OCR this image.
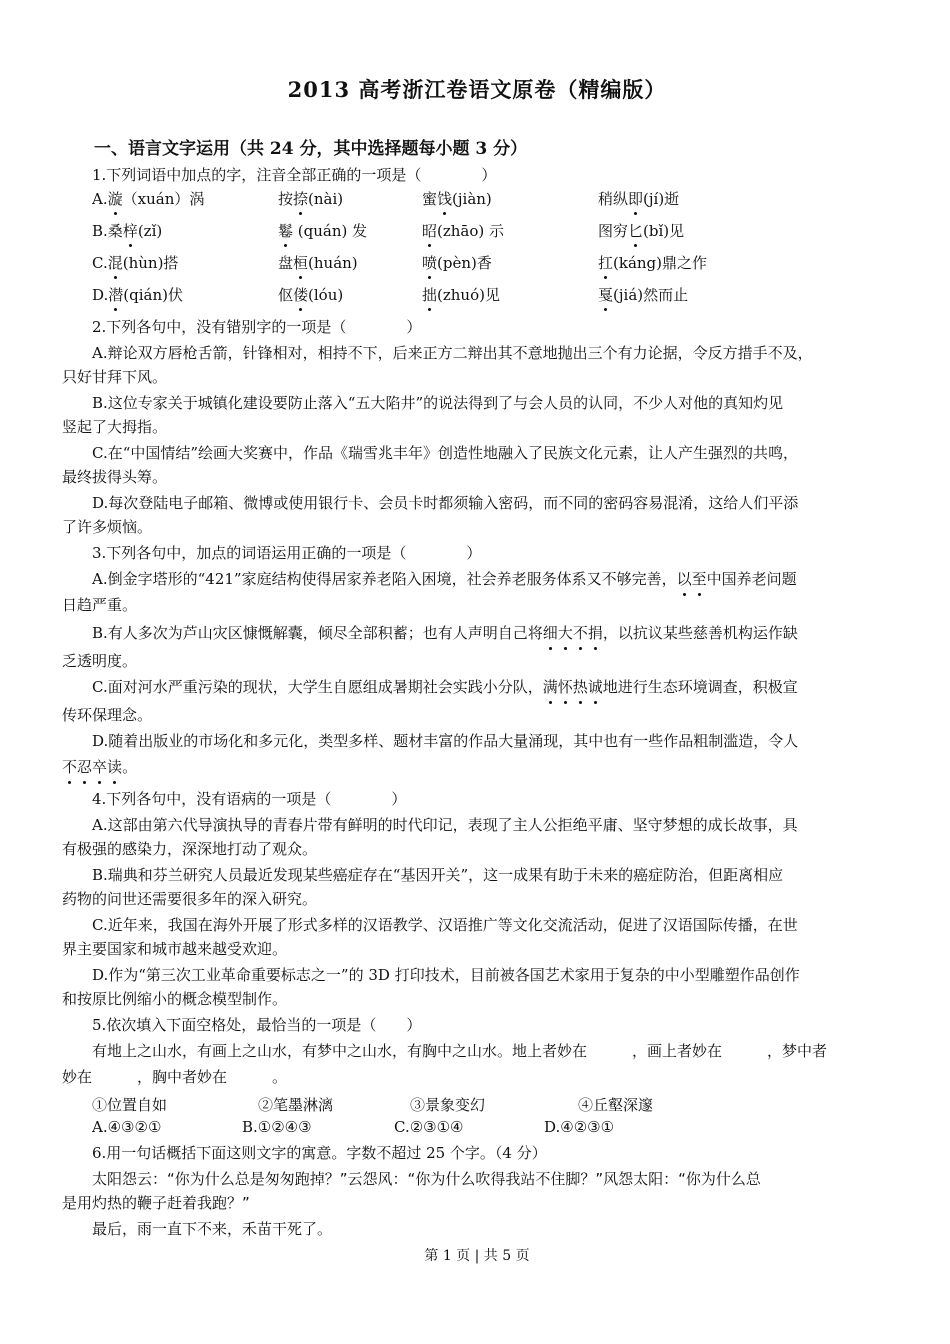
2013 高考浙江卷语文原卷（精编版）
一、语言文字运用（共 24 分，其中选择题每小题 3 分）
1.下列词语中加点的字，注音全部正确的一项是（　　　　）
A.漩（xuán）涡	按捺(nài)	蜜饯(jiàn)	稍纵即(jí)逝
B.桑梓(zǐ)	鬈 (quán) 发	昭(zhāo) 示	图穷匕(bǐ)见
C.混(hùn)搭	盘桓(huán)	喷(pèn)香	扛(káng)鼎之作
D.潜(qián)伏	伛偻(lóu)	拙(zhuó)见	戛(jiá)然而止
2.下列各句中，没有错别字的一项是（　　　　）
A.辩论双方唇枪舌箭，针锋相对，相持不下，后来正方二辩出其不意地抛出三个有力论据，令反方措手不及，
只好甘拜下风。
B.这位专家关于城镇化建设要防止落入“五大陷井”的说法得到了与会人员的认同，不少人对他的真知灼见
竖起了大拇指。
C.在“中国情结”绘画大奖赛中，作品《瑞雪兆丰年》创造性地融入了民族文化元素，让人产生强烈的共鸣，
最终拔得头筹。
D.每次登陆电子邮箱、微博或使用银行卡、会员卡时都须输入密码，而不同的密码容易混淆，这给人们平添
了许多烦恼。
3.下列各句中，加点的词语运用正确的一项是（　　　　）
A.倒金字塔形的“421”家庭结构使得居家养老陷入困境，社会养老服务体系又不够完善，以至中国养老问题
日趋严重。
B.有人多次为芦山灾区慷慨解囊，倾尽全部积蓄；也有人声明自己将细大不捐，以抗议某些慈善机构运作缺
乏透明度。
C.面对河水严重污染的现状，大学生自愿组成暑期社会实践小分队，满怀热诚地进行生态环境调查，积极宣
传环保理念。
D.随着出版业的市场化和多元化，类型多样、题材丰富的作品大量涌现，其中也有一些作品粗制滥造，令人
不忍卒读。
4.下列各句中，没有语病的一项是（　　　　）
A.这部由第六代导演执导的青春片带有鲜明的时代印记，表现了主人公拒绝平庸、坚守梦想的成长故事，具
有极强的感染力，深深地打动了观众。
B.瑞典和芬兰研究人员最近发现某些癌症存在“基因开关”，这一成果有助于未来的癌症防治，但距离相应
药物的问世还需要很多年的深入研究。
C.近年来，我国在海外开展了形式多样的汉语教学、汉语推广等文化交流活动，促进了汉语国际传播，在世
界主要国家和城市越来越受欢迎。
D.作为“第三次工业革命重要标志之一”的 3D 打印技术，目前被各国艺术家用于复杂的中小型雕塑作品创作
和按原比例缩小的概念模型制作。
5.依次填入下面空格处，最恰当的一项是（　　）
有地上之山水，有画上之山水，有梦中之山水，有胸中之山水。地上者妙在　　　，画上者妙在　　　，梦中者
妙在　　　，胸中者妙在　　　。
①位置自如	②笔墨淋漓	③景象变幻	④丘壑深邃
A.④③②①	B.①②④③	C.②③①④	D.④②③①
6.用一句话概括下面这则文字的寓意。字数不超过 25 个字。（4 分）
太阳怨云：“你为什么总是匆匆跑掉？”云怨风：“你为什么吹得我站不住脚？”风怨太阳：“你为什么总
是用灼热的鞭子赶着我跑？”
最后，雨一直下不来，禾苗干死了。
第 1 页 | 共 5 页
